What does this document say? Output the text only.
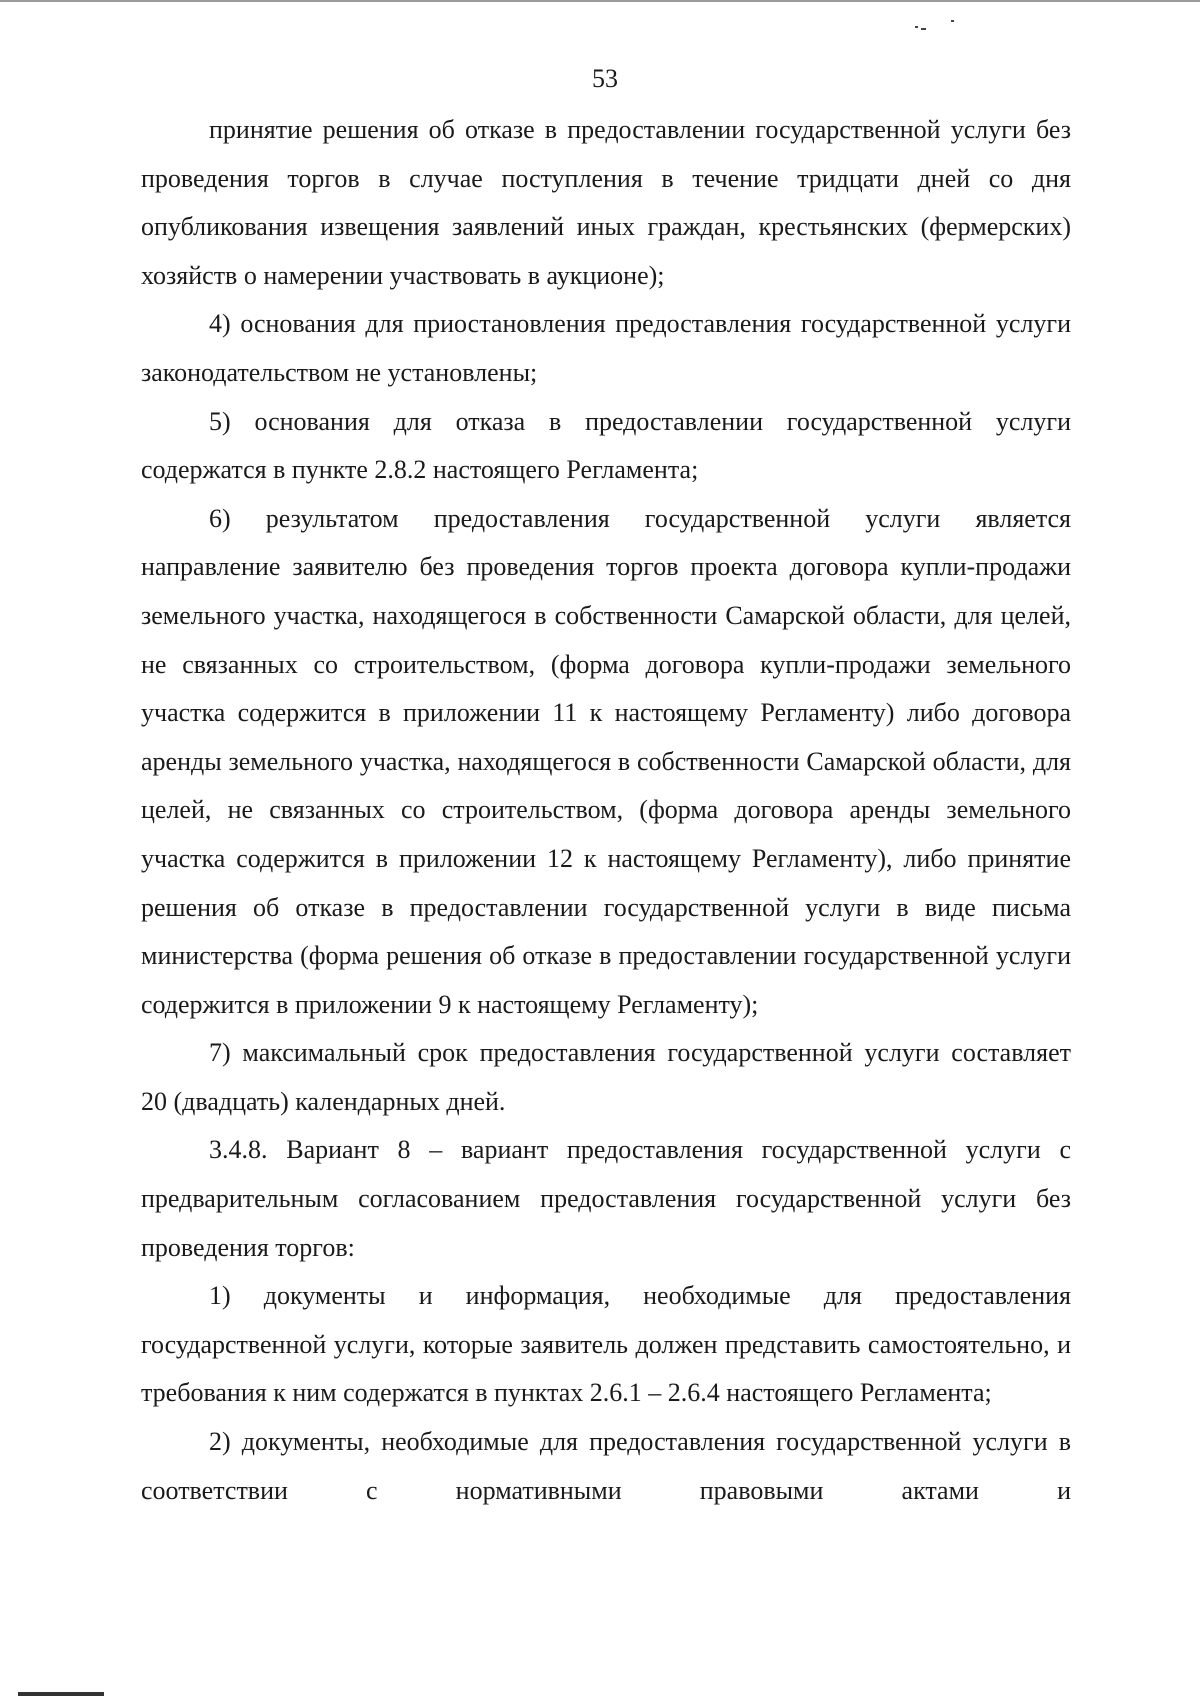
53

принятие решения об отказе в предоставлении государственной услуги без проведения торгов в случае поступления в течение тридцати дней со дня опубликования извещения заявлений иных граждан, крестьянских (фермерских) хозяйств о намерении участвовать в аукционе);

4) основания для приостановления предоставления государственной услуги законодательством не установлены;

5) основания для отказа в предоставлении государственной услуги содержатся в пункте 2.8.2 настоящего Регламента;

6) результатом предоставления государственной услуги является направление заявителю без проведения торгов проекта договора купли-продажи земельного участка, находящегося в собственности Самарской области, для целей, не связанных со строительством, (форма договора купли-продажи земельного участка содержится в приложении 11 к настоящему Регламенту) либо договора аренды земельного участка, находящегося в собственности Самарской области, для целей, не связанных со строительством, (форма договора аренды земельного участка содержится в приложении 12 к настоящему Регламенту), либо принятие решения об отказе в предоставлении государственной услуги в виде письма министерства (форма решения об отказе в предоставлении государственной услуги содержится в приложении 9 к настоящему Регламенту);

7) максимальный срок предоставления государственной услуги составляет 20 (двадцать) календарных дней.

3.4.8. Вариант 8 – вариант предоставления государственной услуги с предварительным согласованием предоставления государственной услуги без проведения торгов:

1) документы и информация, необходимые для предоставления государственной услуги, которые заявитель должен представить самостоятельно, и требования к ним содержатся в пунктах 2.6.1 – 2.6.4 настоящего Регламента;

2) документы, необходимые для предоставления государственной услуги в соответствии с нормативными правовыми актами и
